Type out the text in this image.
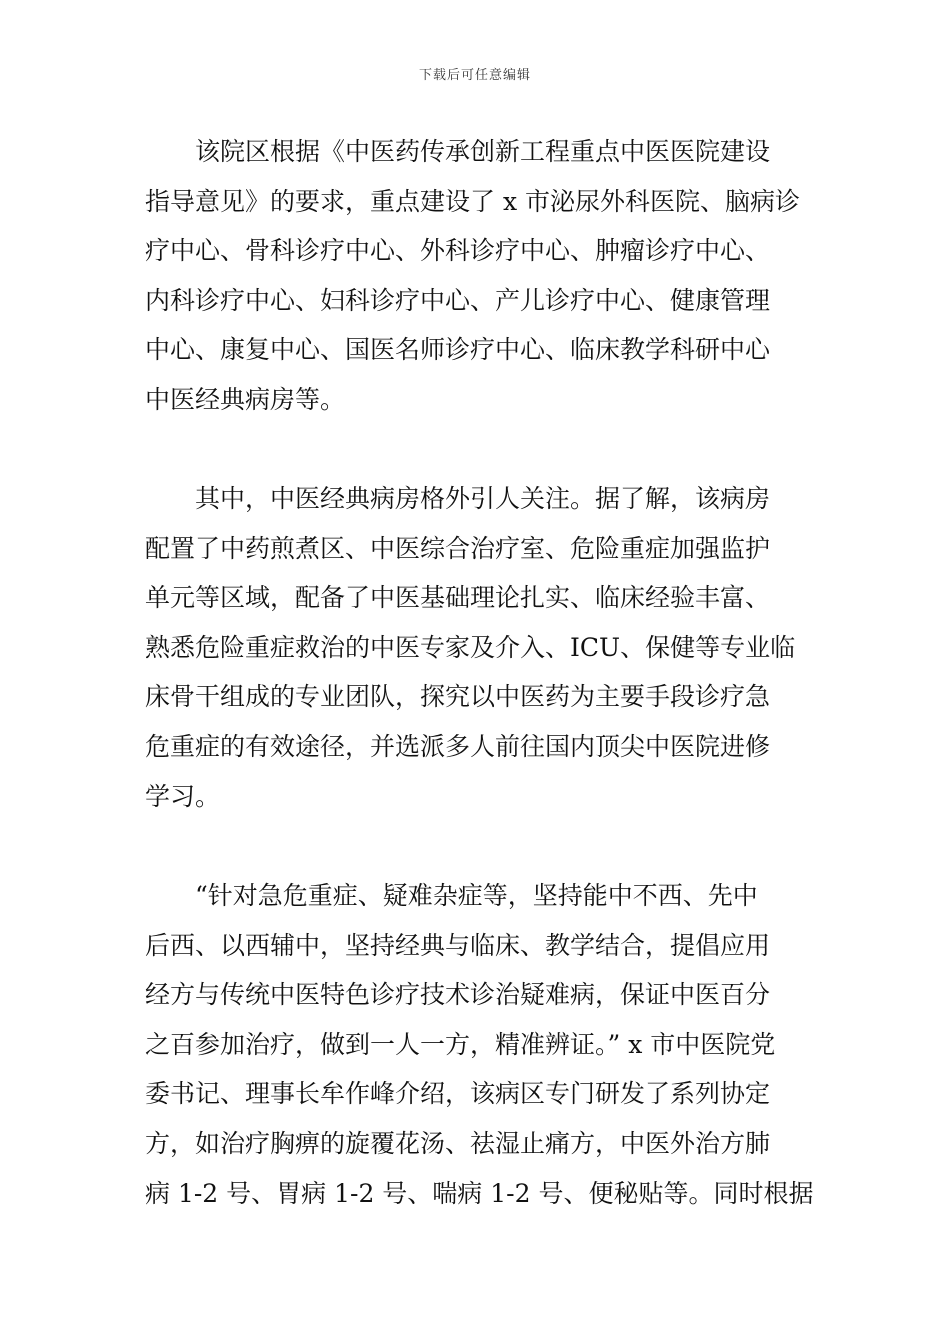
下载后可任意编辑
该院区根据《中医药传承创新工程重点中医医院建设
指导意见》的要求，重点建设了 x 市泌尿外科医院、脑病诊
疗中心、骨科诊疗中心、外科诊疗中心、肿瘤诊疗中心、
内科诊疗中心、妇科诊疗中心、产儿诊疗中心、健康管理
中心、康复中心、国医名师诊疗中心、临床教学科研中心
中医经典病房等。
其中，中医经典病房格外引人关注。据了解，该病房
配置了中药煎煮区、中医综合治疗室、危险重症加强监护
单元等区域，配备了中医基础理论扎实、临床经验丰富、
熟悉危险重症救治的中医专家及介入、ICU、保健等专业临
床骨干组成的专业团队，探究以中医药为主要手段诊疗急
危重症的有效途径，并选派多人前往国内顶尖中医院进修
学习。
“针对急危重症、疑难杂症等，坚持能中不西、先中
后西、以西辅中，坚持经典与临床、教学结合，提倡应用
经方与传统中医特色诊疗技术诊治疑难病，保证中医百分
之百参加治疗，做到一人一方，精准辨证。” x 市中医院党
委书记、理事长牟作峰介绍，该病区专门研发了系列协定
方，如治疗胸痹的旋覆花汤、祛湿止痛方，中医外治方肺
病 1-2 号、胃病 1-2 号、喘病 1-2 号、便秘贴等。同时根据
